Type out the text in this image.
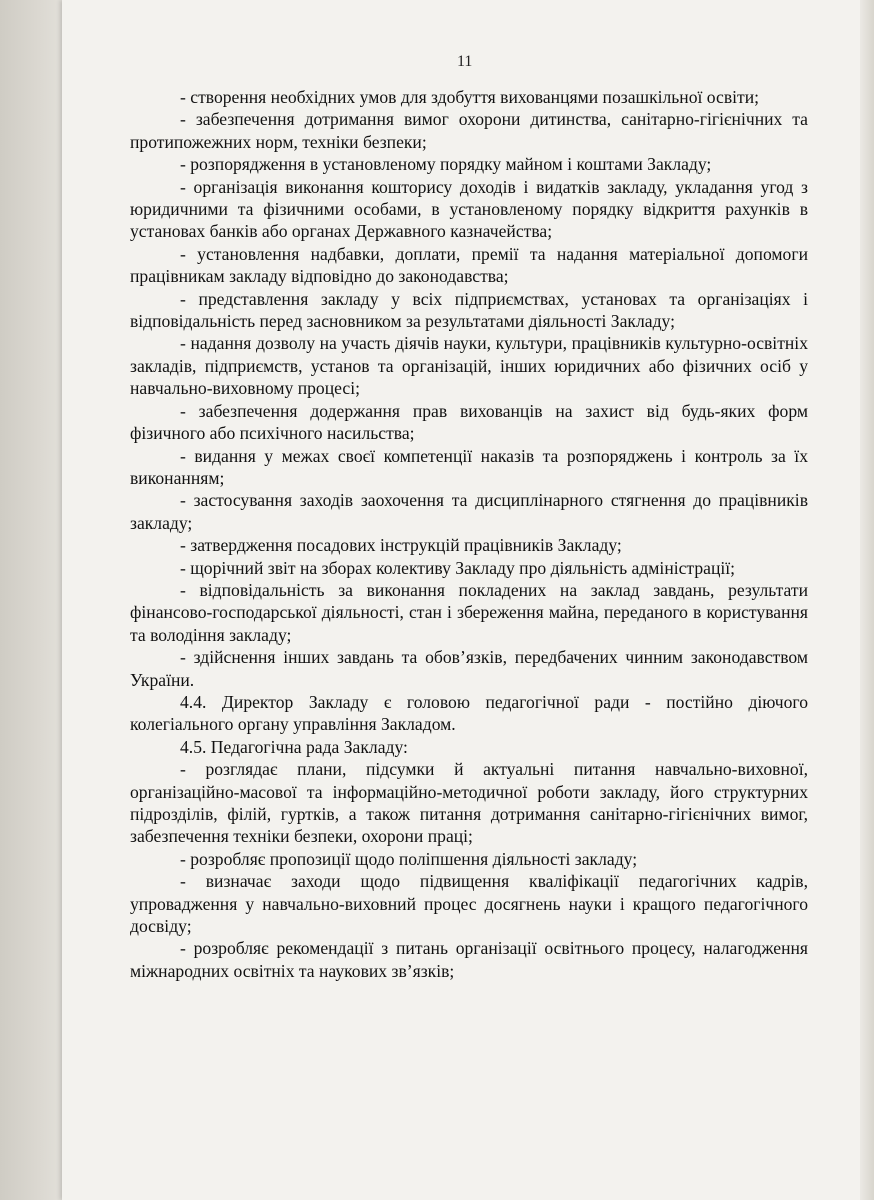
11

- створення необхідних умов для здобуття вихованцями позашкільної освіти;

- забезпечення дотримання вимог охорони дитинства, санітарно-гігієнічних та протипожежних норм, техніки безпеки;

- розпорядження в установленому порядку майном і коштами Закладу;

- організація виконання кошторису доходів і видатків закладу, укладання угод з юридичними та фізичними особами, в установленому порядку відкриття рахунків в установах банків або органах Державного казначейства;

- установлення надбавки, доплати, премії та надання матеріальної допомоги працівникам закладу відповідно до законодавства;

- представлення закладу у всіх підприємствах, установах та організаціях і відповідальність перед засновником за результатами діяльності Закладу;

- надання дозволу на участь діячів науки, культури, працівників культурно-освітніх закладів, підприємств, установ та організацій, інших юридичних або фізичних осіб у навчально-виховному процесі;

- забезпечення додержання прав вихованців на захист від будь-яких форм фізичного або психічного насильства;

- видання у межах своєї компетенції наказів та розпоряджень і контроль за їх виконанням;

- застосування заходів заохочення та дисциплінарного стягнення до працівників закладу;

- затвердження посадових інструкцій працівників Закладу;

- щорічний звіт на зборах колективу Закладу про діяльність адміністрації;

- відповідальність за виконання покладених на заклад завдань, результати фінансово-господарської діяльності, стан і збереження майна, переданого в користування та володіння закладу;

- здійснення інших завдань та обов’язків, передбачених чинним законодавством України.

4.4. Директор Закладу є головою педагогічної ради - постійно діючого колегіального органу управління Закладом.

4.5. Педагогічна рада Закладу:

- розглядає плани, підсумки й актуальні питання навчально-виховної, організаційно-масової та інформаційно-методичної роботи закладу, його структурних підрозділів, філій, гуртків, а також питання дотримання санітарно-гігієнічних вимог, забезпечення техніки безпеки, охорони праці;

- розробляє пропозиції щодо поліпшення діяльності закладу;

- визначає заходи щодо підвищення кваліфікації педагогічних кадрів, упровадження у навчально-виховний процес досягнень науки і кращого педагогічного досвіду;

- розробляє рекомендації з питань організації освітнього процесу, налагодження міжнародних освітніх та наукових зв’язків;
